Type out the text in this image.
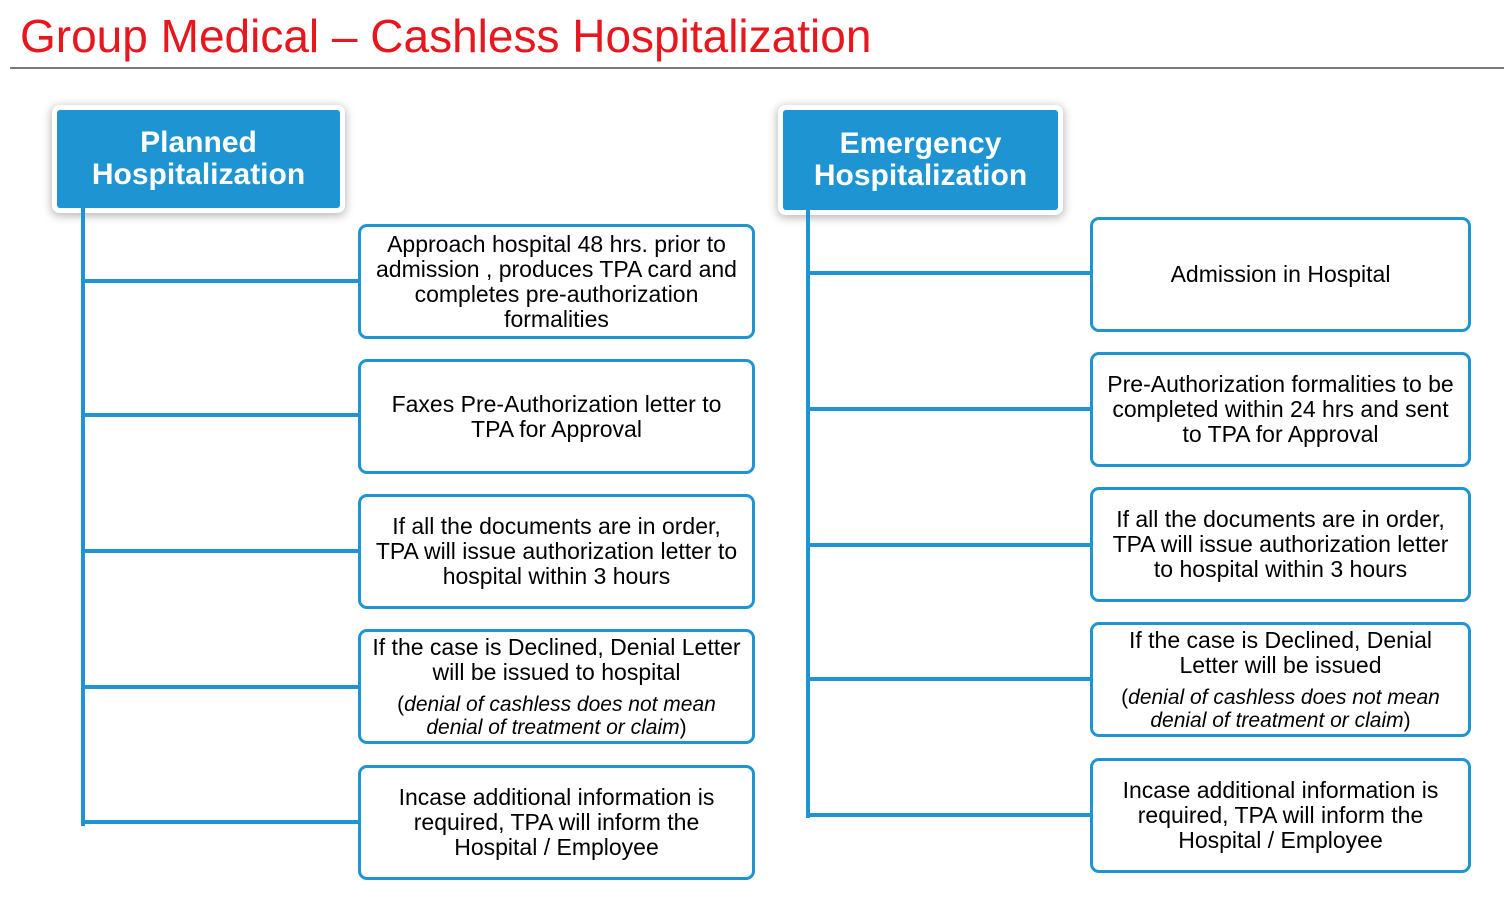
Group Medical – Cashless Hospitalization
Planned
Hospitalization
Approach hospital 48 hrs. prior to admission , produces TPA card and completes pre-authorization formalities
Faxes Pre-Authorization letter to TPA for Approval
If all the documents are in order, TPA will issue authorization letter to hospital within 3 hours
If the case is Declined, Denial Letter will be issued to hospital
(denial of cashless does not mean denial of treatment or claim)
Incase additional information is required, TPA will inform the Hospital / Employee
Emergency
Hospitalization
Admission in Hospital
Pre-Authorization formalities to be completed within 24 hrs and sent to TPA for Approval
If all the documents are in order, TPA will issue authorization letter to hospital within 3 hours
If the case is Declined, Denial Letter will be issued
(denial of cashless does not mean denial of treatment or claim)
Incase additional information is required, TPA will inform the Hospital / Employee
